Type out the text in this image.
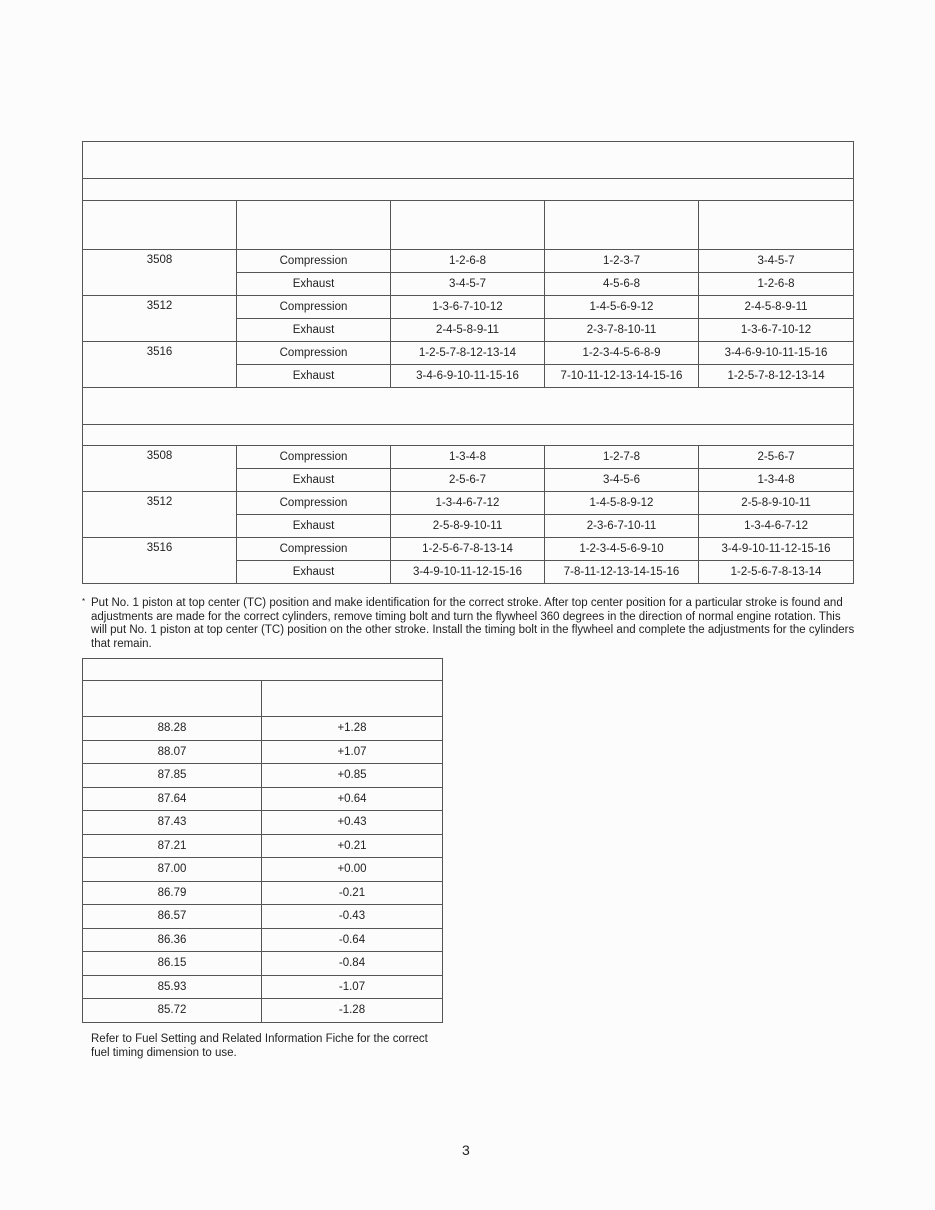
3508	Compression	1-2-6-8	1-2-3-7	3-4-5-7
	Exhaust	3-4-5-7	4-5-6-8	1-2-6-8
3512	Compression	1-3-6-7-10-12	1-4-5-6-9-12	2-4-5-8-9-11
	Exhaust	2-4-5-8-9-11	2-3-7-8-10-11	1-3-6-7-10-12
3516	Compression	1-2-5-7-8-12-13-14	1-2-3-4-5-6-8-9	3-4-6-9-10-11-15-16
	Exhaust	3-4-6-9-10-11-15-16	7-10-11-12-13-14-15-16	1-2-5-7-8-12-13-14

3508	Compression	1-3-4-8	1-2-7-8	2-5-6-7
	Exhaust	2-5-6-7	3-4-5-6	1-3-4-8
3512	Compression	1-3-4-6-7-12	1-4-5-8-9-12	2-5-8-9-10-11
	Exhaust	2-5-8-9-10-11	2-3-6-7-10-11	1-3-4-6-7-12
3516	Compression	1-2-5-6-7-8-13-14	1-2-3-4-5-6-9-10	3-4-9-10-11-12-15-16
	Exhaust	3-4-9-10-11-12-15-16	7-8-11-12-13-14-15-16	1-2-5-6-7-8-13-14
* Put No. 1 piston at top center (TC) position and make identification for the correct stroke. After top center position for a particular stroke is found and adjustments are made for the correct cylinders, remove timing bolt and turn the flywheel 360 degrees in the direction of normal engine rotation. This will put No. 1 piston at top center (TC) position on the other stroke. Install the timing bolt in the flywheel and complete the adjustments for the cylinders that remain.

88.28	+1.28
88.07	+1.07
87.85	+0.85
87.64	+0.64
87.43	+0.43
87.21	+0.21
87.00	+0.00
86.79	-0.21
86.57	-0.43
86.36	-0.64
86.15	-0.84
85.93	-1.07
85.72	-1.28
Refer to Fuel Setting and Related Information Fiche for the correct fuel timing dimension to use.
3
